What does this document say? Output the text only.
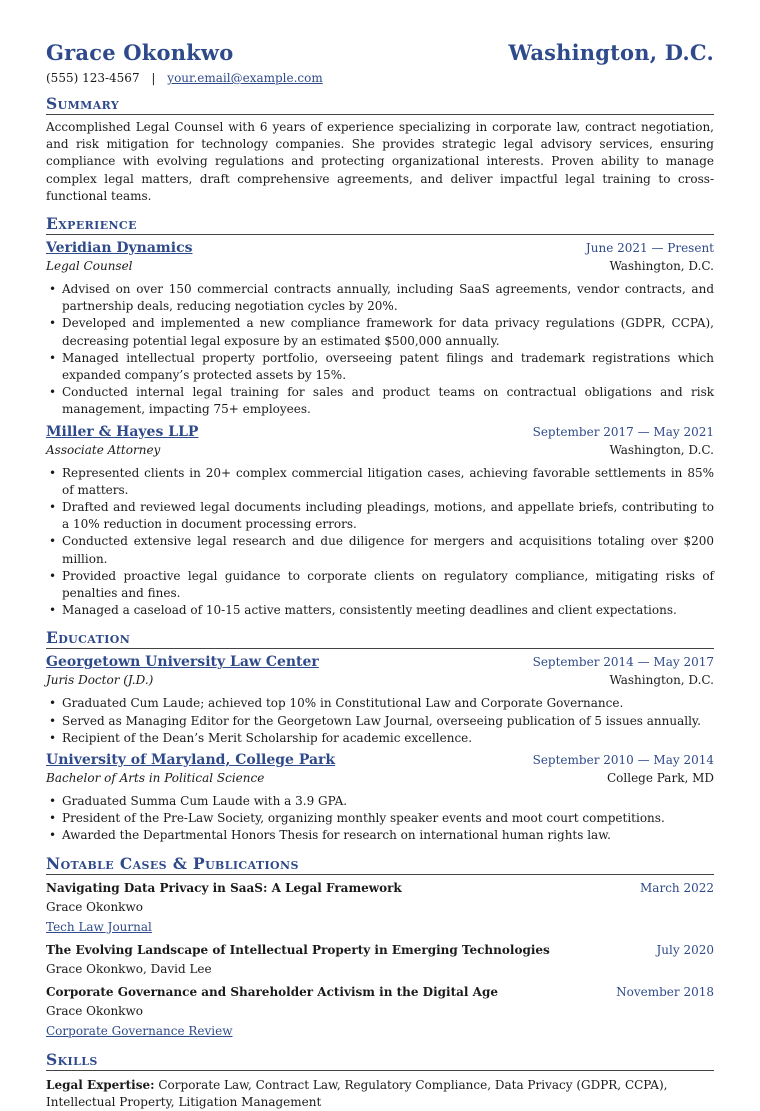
Grace Okonkwo	Washington, D.C.
(555) 123-4567 | your.email@example.com
Summary
Accomplished Legal Counsel with 6 years of experience specializing in corporate law, contract negotiation, and risk mitigation for technology companies. She provides strategic legal advisory services, ensuring compliance with evolving regulations and protecting organizational interests. Proven ability to manage complex legal matters, draft comprehensive agreements, and deliver impactful legal training to cross-functional teams.
Experience
Veridian Dynamics	June 2021 — Present
Legal Counsel	Washington, D.C.
• Advised on over 150 commercial contracts annually, including SaaS agreements, vendor contracts, and partnership deals, reducing negotiation cycles by 20%.
• Developed and implemented a new compliance framework for data privacy regulations (GDPR, CCPA), decreasing potential legal exposure by an estimated $500,000 annually.
• Managed intellectual property portfolio, overseeing patent filings and trademark registrations which expanded company’s protected assets by 15%.
• Conducted internal legal training for sales and product teams on contractual obligations and risk management, impacting 75+ employees.
Miller & Hayes LLP	September 2017 — May 2021
Associate Attorney	Washington, D.C.
• Represented clients in 20+ complex commercial litigation cases, achieving favorable settlements in 85% of matters.
• Drafted and reviewed legal documents including pleadings, motions, and appellate briefs, contributing to a 10% reduction in document processing errors.
• Conducted extensive legal research and due diligence for mergers and acquisitions totaling over $200 million.
• Provided proactive legal guidance to corporate clients on regulatory compliance, mitigating risks of penalties and fines.
• Managed a caseload of 10-15 active matters, consistently meeting deadlines and client expectations.
Education
Georgetown University Law Center	September 2014 — May 2017
Juris Doctor (J.D.)	Washington, D.C.
• Graduated Cum Laude; achieved top 10% in Constitutional Law and Corporate Governance.
• Served as Managing Editor for the Georgetown Law Journal, overseeing publication of 5 issues annually.
• Recipient of the Dean’s Merit Scholarship for academic excellence.
University of Maryland, College Park	September 2010 — May 2014
Bachelor of Arts in Political Science	College Park, MD
• Graduated Summa Cum Laude with a 3.9 GPA.
• President of the Pre-Law Society, organizing monthly speaker events and moot court competitions.
• Awarded the Departmental Honors Thesis for research on international human rights law.
Notable Cases & Publications
Navigating Data Privacy in SaaS: A Legal Framework	March 2022
Grace Okonkwo
Tech Law Journal
The Evolving Landscape of Intellectual Property in Emerging Technologies	July 2020
Grace Okonkwo, David Lee
Corporate Governance and Shareholder Activism in the Digital Age	November 2018
Grace Okonkwo
Corporate Governance Review
Skills
Legal Expertise: Corporate Law, Contract Law, Regulatory Compliance, Data Privacy (GDPR, CCPA), Intellectual Property, Litigation Management
